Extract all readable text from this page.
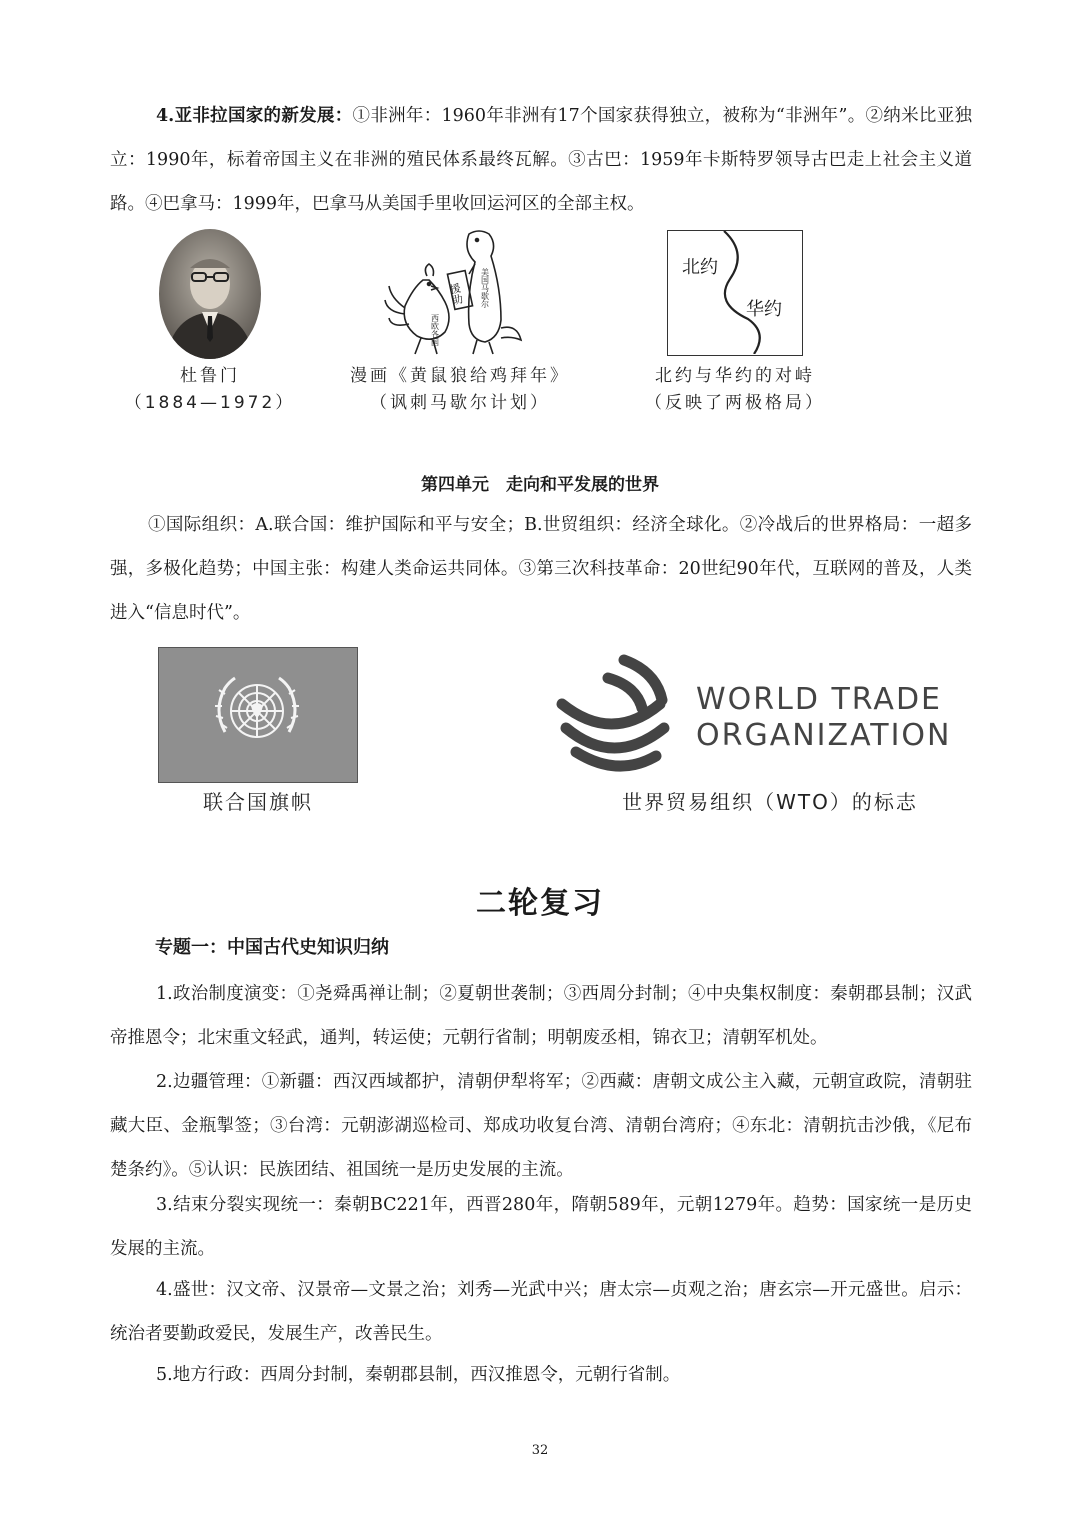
4.亚非拉国家的新发展：①非洲年：1960年非洲有17个国家获得独立，被称为“非洲年”。②纳米比亚独立：1990年，标着帝国主义在非洲的殖民体系最终瓦解。③古巴：1959年卡斯特罗领导古巴走上社会主义道路。④巴拿马：1999年，巴拿马从美国手里收回运河区的全部主权。

西欧各国
美国马歇尔
援助
北约
华约
杜鲁门
（1884—1972）
漫画《黄鼠狼给鸡拜年》
（讽刺马歇尔计划）
北约与华约的对峙
（反映了两极格局）
第四单元　走向和平发展的世界

①国际组织：A.联合国：维护国际和平与安全；B.世贸组织：经济全球化。②冷战后的世界格局：一超多强，多极化趋势；中国主张：构建人类命运共同体。③第三次科技革命：20世纪90年代，互联网的普及，人类进入“信息时代”。

联合国旗帜
WORLD TRADE
ORGANIZATION
世界贸易组织（WTO）的标志
二轮复习
专题一：中国古代史知识归纳

1.政治制度演变：①尧舜禹禅让制；②夏朝世袭制；③西周分封制；④中央集权制度：秦朝郡县制；汉武帝推恩令；北宋重文轻武，通判，转运使；元朝行省制；明朝废丞相，锦衣卫；清朝军机处。

2.边疆管理：①新疆：西汉西域都护，清朝伊犁将军；②西藏：唐朝文成公主入藏，元朝宣政院，清朝驻藏大臣、金瓶掣签；③台湾：元朝澎湖巡检司、郑成功收复台湾、清朝台湾府；④东北：清朝抗击沙俄，《尼布楚条约》。⑤认识：民族团结、祖国统一是历史发展的主流。

3.结束分裂实现统一：秦朝BC221年，西晋280年，隋朝589年，元朝1279年。趋势：国家统一是历史发展的主流。

4.盛世：汉文帝、汉景帝—文景之治；刘秀—光武中兴；唐太宗—贞观之治；唐玄宗—开元盛世。启示：统治者要勤政爱民，发展生产，改善民生。

5.地方行政：西周分封制，秦朝郡县制，西汉推恩令，元朝行省制。

32
